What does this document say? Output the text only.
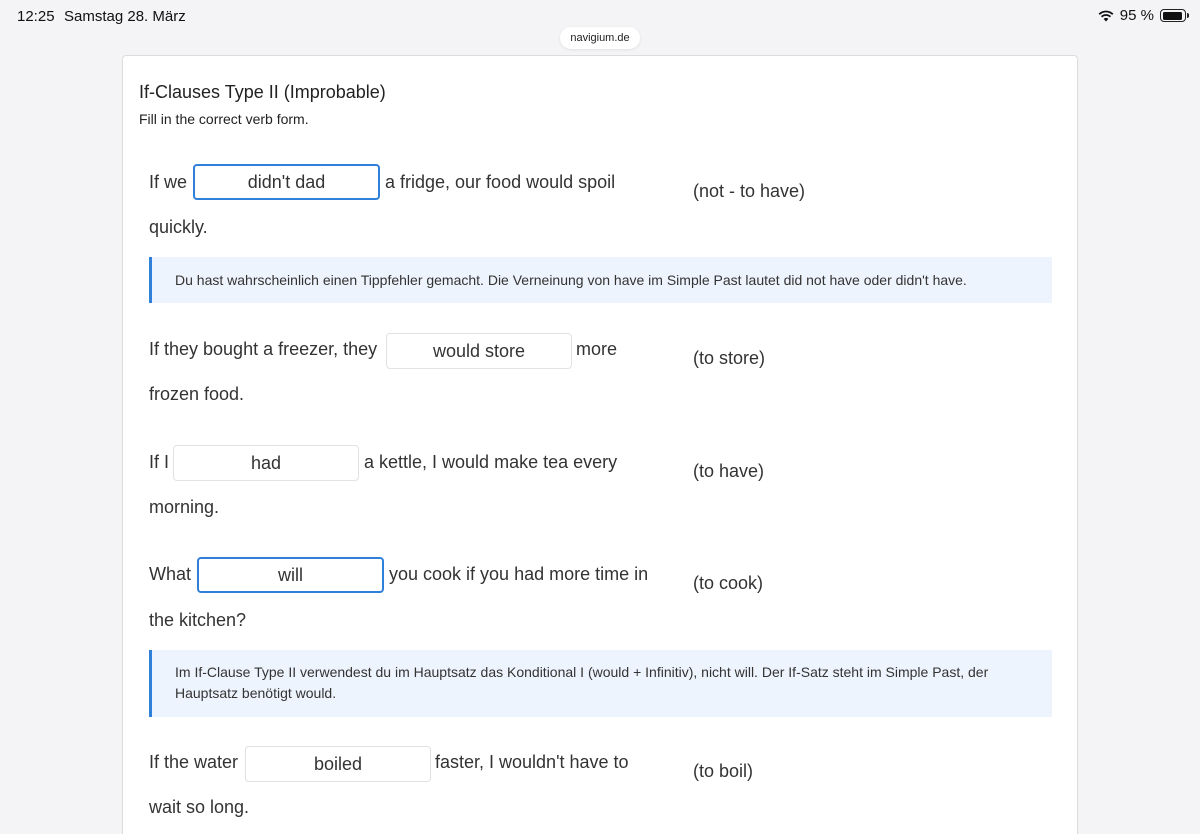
12:25 Samstag 28. März	95 %
navigium.de
If-Clauses Type II (Improbable)
Fill in the correct verb form.
If we	didn't dad	a fridge, our food would spoil	(not - to have)
quickly.
Du hast wahrscheinlich einen Tippfehler gemacht. Die Verneinung von have im Simple Past lautet did not have oder didn't have.
If they bought a freezer, they	would store	more	(to store)
frozen food.
If I	had	a kettle, I would make tea every	(to have)
morning.
What	will	you cook if you had more time in (to cook)
the kitchen?
Im If-Clause Type II verwendest du im Hauptsatz das Konditional I (would + Infinitiv), nicht will. Der If-Satz steht im Simple Past, der
Hauptsatz benötigt would.
If the water	boiled	faster, I wouldn't have to	(to boil)
wait so long.
